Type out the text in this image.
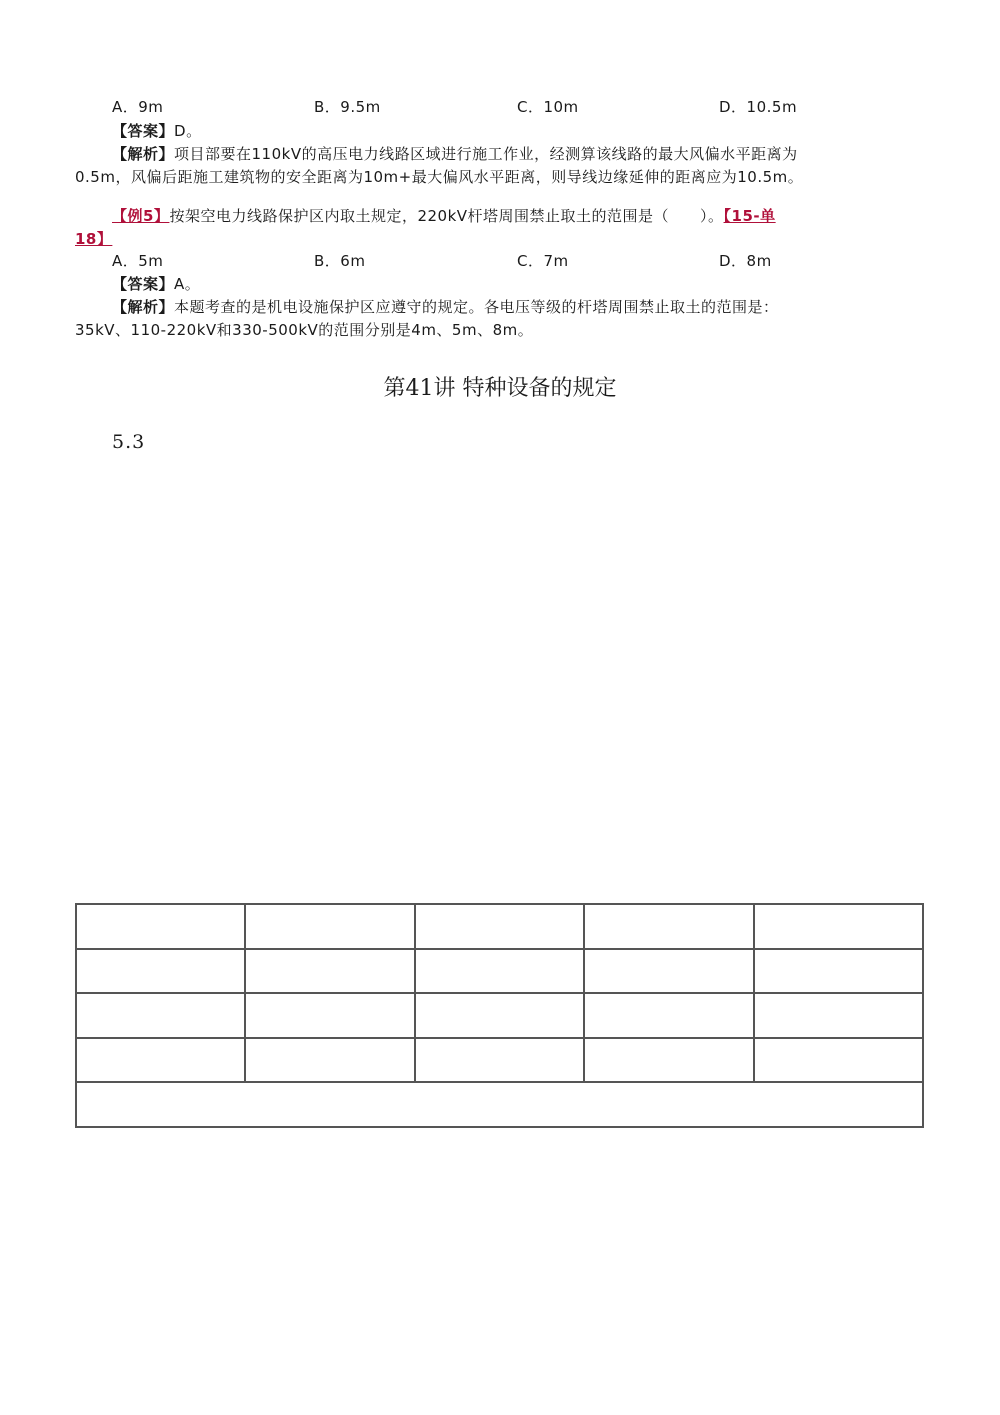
A．9m	B．9.5m	C．10m	D．10.5m
【答案】D。
【解析】项目部要在110kV的高压电力线路区域进行施工作业，经测算该线路的最大风偏水平距离为
0.5m，风偏后距施工建筑物的安全距离为10m+最大偏风水平距离，则导线边缘延伸的距离应为10.5m。
【例5】按架空电力线路保护区内取土规定，220kV杆塔周围禁止取土的范围是（　　）。【15-单
18】
A．5m	B．6m	C．7m	D．8m
【答案】A。
【解析】本题考查的是机电设施保护区应遵守的规定。各电压等级的杆塔周围禁止取土的范围是：
35kV、110-220kV和330-500kV的范围分别是4m、5m、8m。
第41讲 特种设备的规定
5.3
